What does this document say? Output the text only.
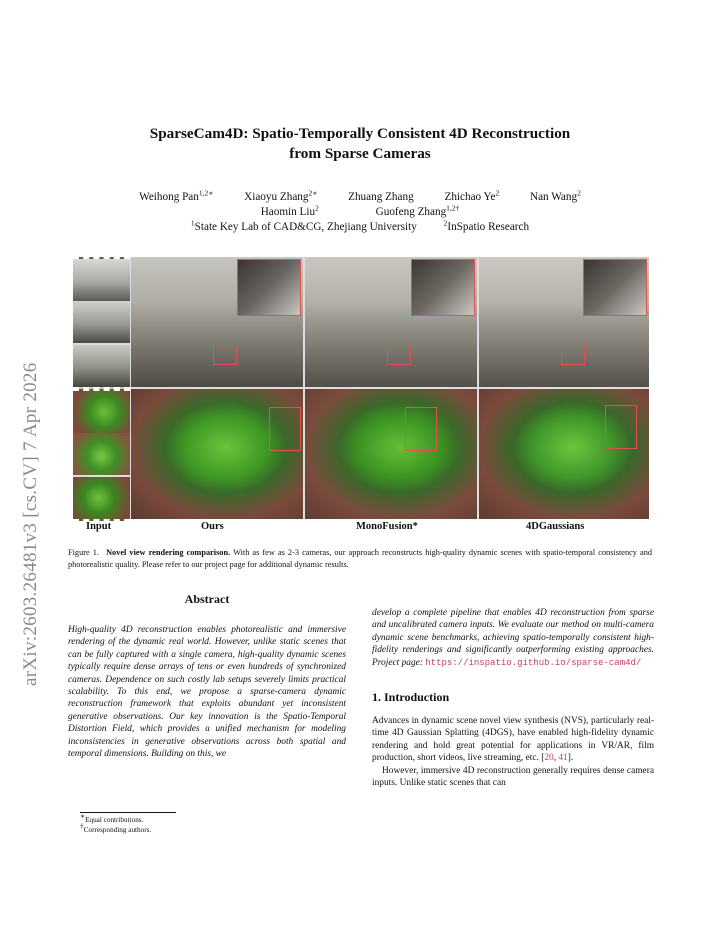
arXiv:2603.26481v3 [cs.CV] 7 Apr 2026
SparseCam4D: Spatio-Temporally Consistent 4D Reconstruction
from Sparse Cameras
Weihong Pan$^{1,2∗}$	Xiaoyu Zhang$^{2∗}$	Zhuang Zhang	Zhichao Ye$^2$	Nan Wang$^2$
Haomin Liu$^2$	Guofeng Zhang$^{1,2\dagger}$
$^1$State Key Lab of CAD&CG, Zhejiang University	$^2$InSpatio Research
Input	Ours	MonoFusion*	4DGaussians
Figure 1. Novel view rendering comparison. With as few as 2-3 cameras, our approach reconstructs high-quality dynamic scenes with spatio-temporal consistency and photorealistic quality. Please refer to our project page for additional dynamic results.
Abstract

High-quality 4D reconstruction enables photorealistic and immersive rendering of the dynamic real world. However, unlike static scenes that can be fully captured with a single camera, high-quality dynamic scenes typically require dense arrays of tens or even hundreds of synchronized cameras. Dependence on such costly lab setups severely limits practical scalability. To this end, we propose a sparse-camera dynamic reconstruction framework that exploits abundant yet inconsistent generative observations. Our key innovation is the Spatio-Temporal Distortion Field, which provides a unified mechanism for modeling inconsistencies in generative observations across both spatial and temporal dimensions. Building on this, we

develop a complete pipeline that enables 4D reconstruction from sparse and uncalibrated camera inputs. We evaluate our method on multi-camera dynamic scene benchmarks, achieving spatio-temporally consistent high-fidelity renderings and significantly outperforming existing approaches. Project page: https://inspatio.github.io/sparse-cam4d/

∗Equal contributions.
†Corresponding authors.
1. Introduction

Advances in dynamic scene novel view synthesis (NVS), particularly real-time 4D Gaussian Splatting (4DGS), have enabled high-fidelity dynamic rendering and hold great potential for applications in VR/AR, film production, short videos, live streaming, etc. [20, 41].

However, immersive 4D reconstruction generally requires dense camera inputs. Unlike static scenes that can
